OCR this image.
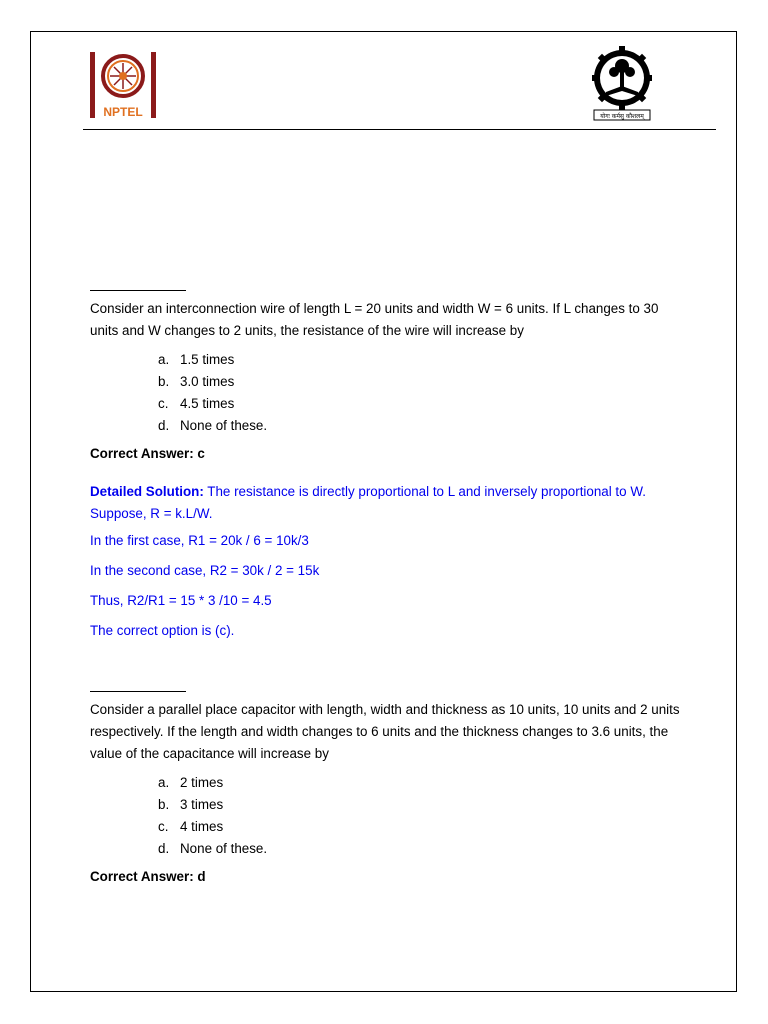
NPTEL	योगः कर्मसु कौशलम्
Consider an interconnection wire of length L = 20 units and width W = 6 units. If L changes to 30 units and W changes to 2 units, the resistance of the wire will increase by
a. 1.5 times
b. 3.0 times
c. 4.5 times
d. None of these.
Correct Answer: c
Detailed Solution: The resistance is directly proportional to L and inversely proportional to W. Suppose, R = k.L/W.
In the first case, R1 = 20k / 6 = 10k/3
In the second case, R2 = 30k / 2 = 15k
Thus, R2/R1 = 15 * 3 /10 = 4.5
The correct option is (c).
Consider a parallel place capacitor with length, width and thickness as 10 units, 10 units and 2 units respectively. If the length and width changes to 6 units and the thickness changes to 3.6 units, the value of the capacitance will increase by
a. 2 times
b. 3 times
c. 4 times
d. None of these.
Correct Answer: d
